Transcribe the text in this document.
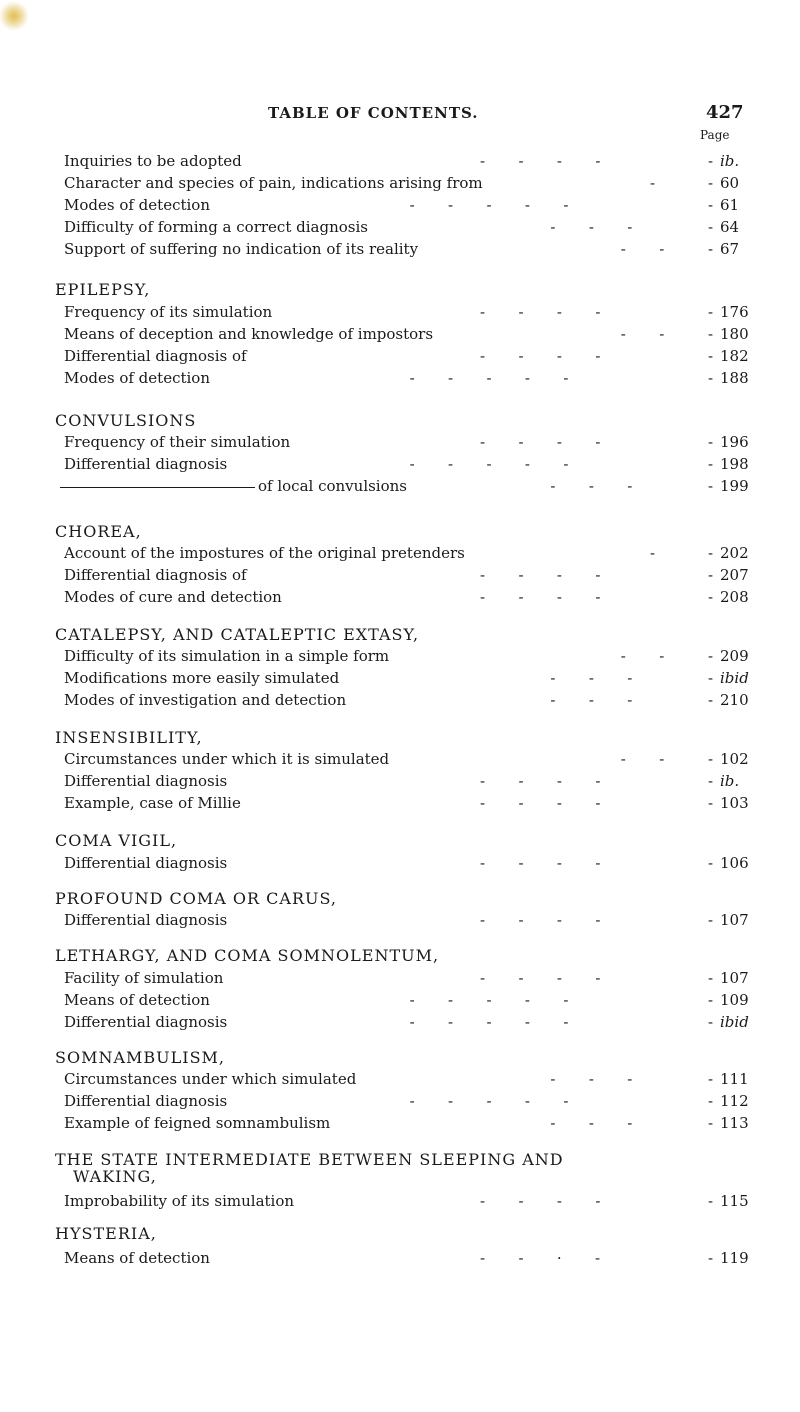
TABLE OF CONTENTS.	427
Page
Inquiries to be adopted	-       -       -       -	- ib.
Character and species of pain, indications arising from	-	- 60
Modes of detection	-       -       -       -       -	- 61
Difficulty of forming a correct diagnosis	-       -       -	- 64
Support of suffering no indication of its reality	-       -	- 67
EPILEPSY,
Frequency of its simulation	-       -       -       -	- 176
Means of deception and knowledge of impostors	-       -	- 180
Differential diagnosis of	-       -       -       -	- 182
Modes of detection	-       -       -       -       -	- 188
CONVULSIONS
Frequency of their simulation	-       -       -       -	- 196
Differential diagnosis	-       -       -       -       -	- 198
of local convulsions	-       -       -	- 199
CHOREA,
Account of the impostures of the original pretenders	-	- 202
Differential diagnosis of	-       -       -       -	- 207
Modes of cure and detection	-       -       -       -	- 208
CATALEPSY, AND CATALEPTIC EXTASY,
Difficulty of its simulation in a simple form	-       -	- 209
Modifications more easily simulated	-       -       -	- ibid
Modes of investigation and detection	-       -       -	- 210
INSENSIBILITY,
Circumstances under which it is simulated	-       -	- 102
Differential diagnosis	-       -       -       -	- ib.
Example, case of Millie	-       -       -       -	- 103
COMA VIGIL,
Differential diagnosis	-       -       -       -	- 106
PROFOUND COMA OR CARUS,
Differential diagnosis	-       -       -       -	- 107
LETHARGY, AND COMA SOMNOLENTUM,
Facility of simulation	-       -       -       -	- 107
Means of detection	-       -       -       -       -	- 109
Differential diagnosis	-       -       -       -       -	- ibid
SOMNAMBULISM,
Circumstances under which simulated	-       -       -	- 111
Differential diagnosis	-       -       -       -       -	- 112
Example of feigned somnambulism	-       -       -	- 113
THE STATE INTERMEDIATE BETWEEN SLEEPING AND
WAKING,
Improbability of its simulation	-       -       -       -	- 115
HYSTERIA,
Means of detection	-       -       ·       -	- 119
